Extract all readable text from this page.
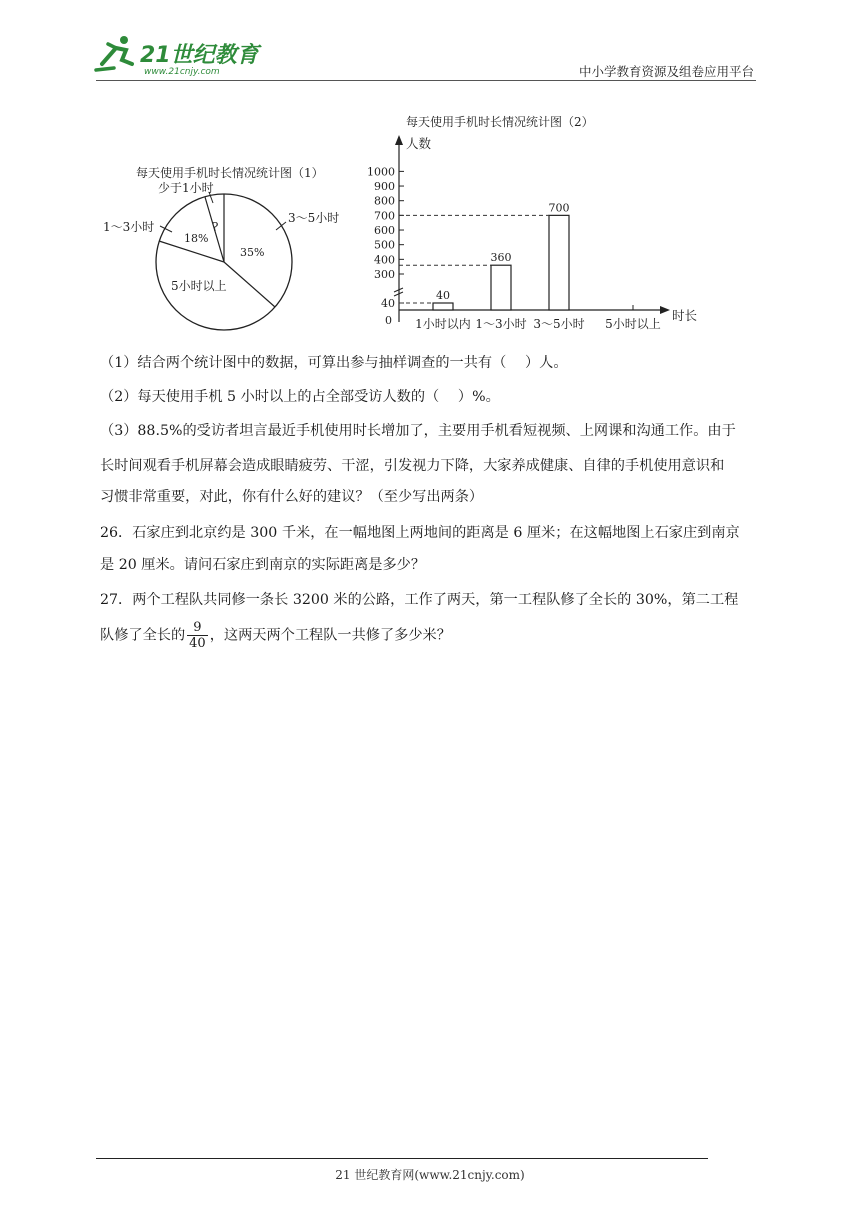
21世纪教育
www.21cnjy.com	中小学教育资源及组卷应用平台
每天使用手机时长情况统计图（1）
少于1小时
1～3小时
3～5小时
?
18%
35%
5小时以上
每天使用手机时长情况统计图（2）
人数
时长
0
1000
900
800
700
600
500
400
300
40
1小时以内
40
1～3小时
360
3～5小时
700
5小时以上
（1）结合两个统计图中的数据，可算出参与抽样调查的一共有（　 ）人。
（2）每天使用手机 5 小时以上的占全部受访人数的（　 ）%。
（3）88.5%的受访者坦言最近手机使用时长增加了，主要用手机看短视频、上网课和沟通工作。由于
长时间观看手机屏幕会造成眼睛疲劳、干涩，引发视力下降，大家养成健康、自律的手机使用意识和
习惯非常重要，对此，你有什么好的建议？（至少写出两条）
26．石家庄到北京约是 300 千米，在一幅地图上两地间的距离是 6 厘米；在这幅地图上石家庄到南京
是 20 厘米。请问石家庄到南京的实际距离是多少？
27．两个工程队共同修一条长 3200 米的公路，工作了两天，第一工程队修了全长的 30%，第二工程
队修了全长的 $\frac{9}{40}$ ，这两天两个工程队一共修了多少米？
21 世纪教育网(www.21cnjy.com)
